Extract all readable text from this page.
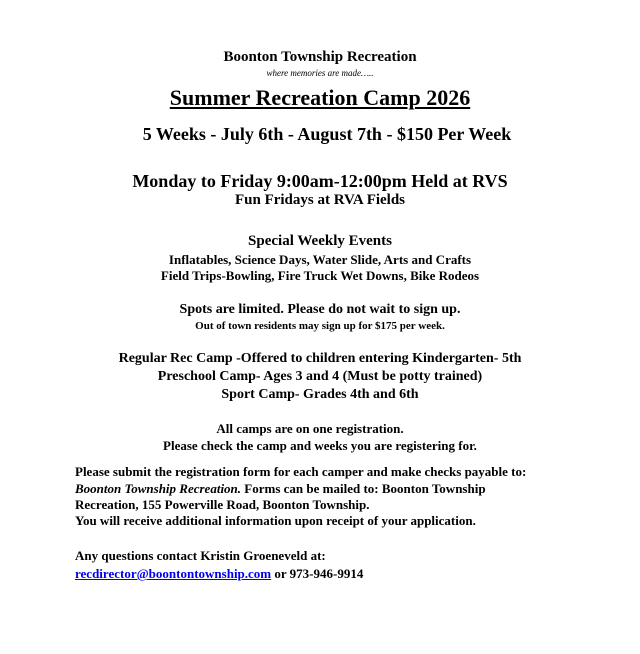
Boonton Township Recreation
where memories are made…..
Summer Recreation Camp 2026
5 Weeks - July 6th - August 7th - $150 Per Week
Monday to Friday 9:00am-12:00pm Held at RVS
Fun Fridays at RVA Fields
Special Weekly Events
Inflatables, Science Days, Water Slide, Arts and Crafts
Field Trips-Bowling, Fire Truck Wet Downs, Bike Rodeos
Spots are limited. Please do not wait to sign up.
Out of town residents may sign up for $175 per week.
Regular Rec Camp -Offered to children entering Kindergarten- 5th
Preschool Camp- Ages 3 and 4 (Must be potty trained)
Sport Camp- Grades 4th and 6th
All camps are on one registration.
Please check the camp and weeks you are registering for.
Please submit the registration form for each camper and make checks payable to:
Boonton Township Recreation. Forms can be mailed to: Boonton Township
Recreation, 155 Powerville Road, Boonton Township.
You will receive additional information upon receipt of your application.
Any questions contact Kristin Groeneveld at:
recdirector@boontontownship.com or 973-946-9914
